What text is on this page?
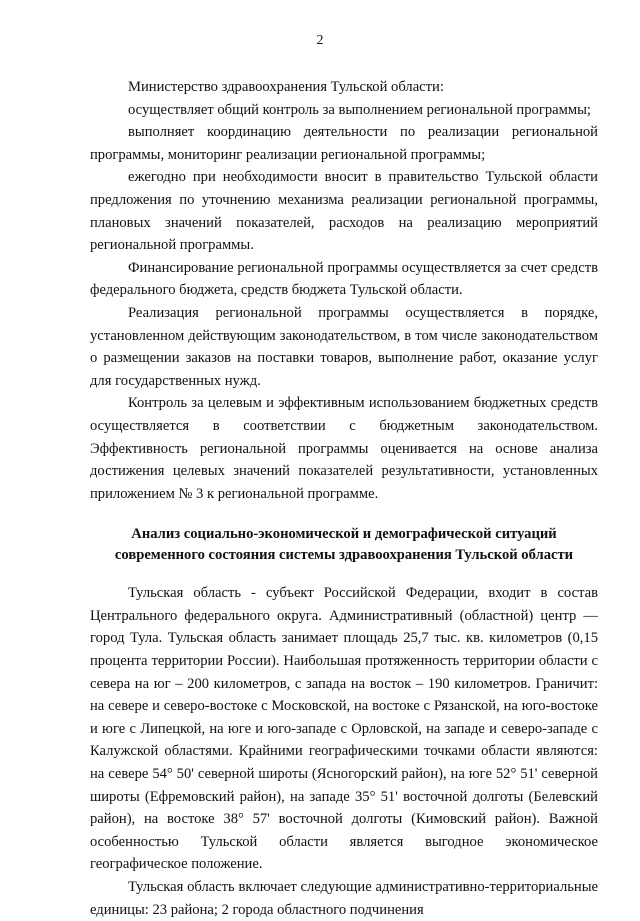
2

Министерство здравоохранения Тульской области:

осуществляет общий контроль за выполнением региональной программы;

выполняет координацию деятельности по реализации региональной программы, мониторинг реализации региональной программы;

ежегодно при необходимости вносит в правительство Тульской области предложения по уточнению механизма реализации региональной программы, плановых значений показателей, расходов на реализацию мероприятий региональной программы.

Финансирование региональной программы осуществляется за счет средств федерального бюджета, средств бюджета Тульской области.

Реализация региональной программы осуществляется в порядке, установленном действующим законодательством, в том числе законодательством о размещении заказов на поставки товаров, выполнение работ, оказание услуг для государственных нужд.

Контроль за целевым и эффективным использованием бюджетных средств осуществляется в соответствии с бюджетным законодательством. Эффективность региональной программы оценивается на основе анализа достижения целевых значений показателей результативности, установленных приложением № 3 к региональной программе.

Анализ социально-экономической и демографической ситуаций современного состояния системы здравоохранения Тульской области

Тульская область - субъект Российской Федерации, входит в состав Центрального федерального округа. Административный (областной) центр — город Тула. Тульская область занимает площадь 25,7 тыс. кв. километров (0,15 процента территории России). Наибольшая протяженность территории области с севера на юг – 200 километров, с запада на восток – 190 километров. Граничит: на севере и северо-востоке с Московской, на востоке с Рязанской, на юго-востоке и юге с Липецкой, на юге и юго-западе с Орловской, на западе и северо-западе с Калужской областями. Крайними географическими точками области являются: на севере 54° 50' северной широты (Ясногорский район), на юге 52° 51' северной широты (Ефремовский район), на западе 35° 51' восточной долготы (Белевский район), на востоке 38° 57' восточной долготы (Кимовский район). Важной особенностью Тульской области является выгодное экономическое географическое положение.

Тульская область включает следующие административно-территориальные единицы: 23 района; 2 города областного подчинения
